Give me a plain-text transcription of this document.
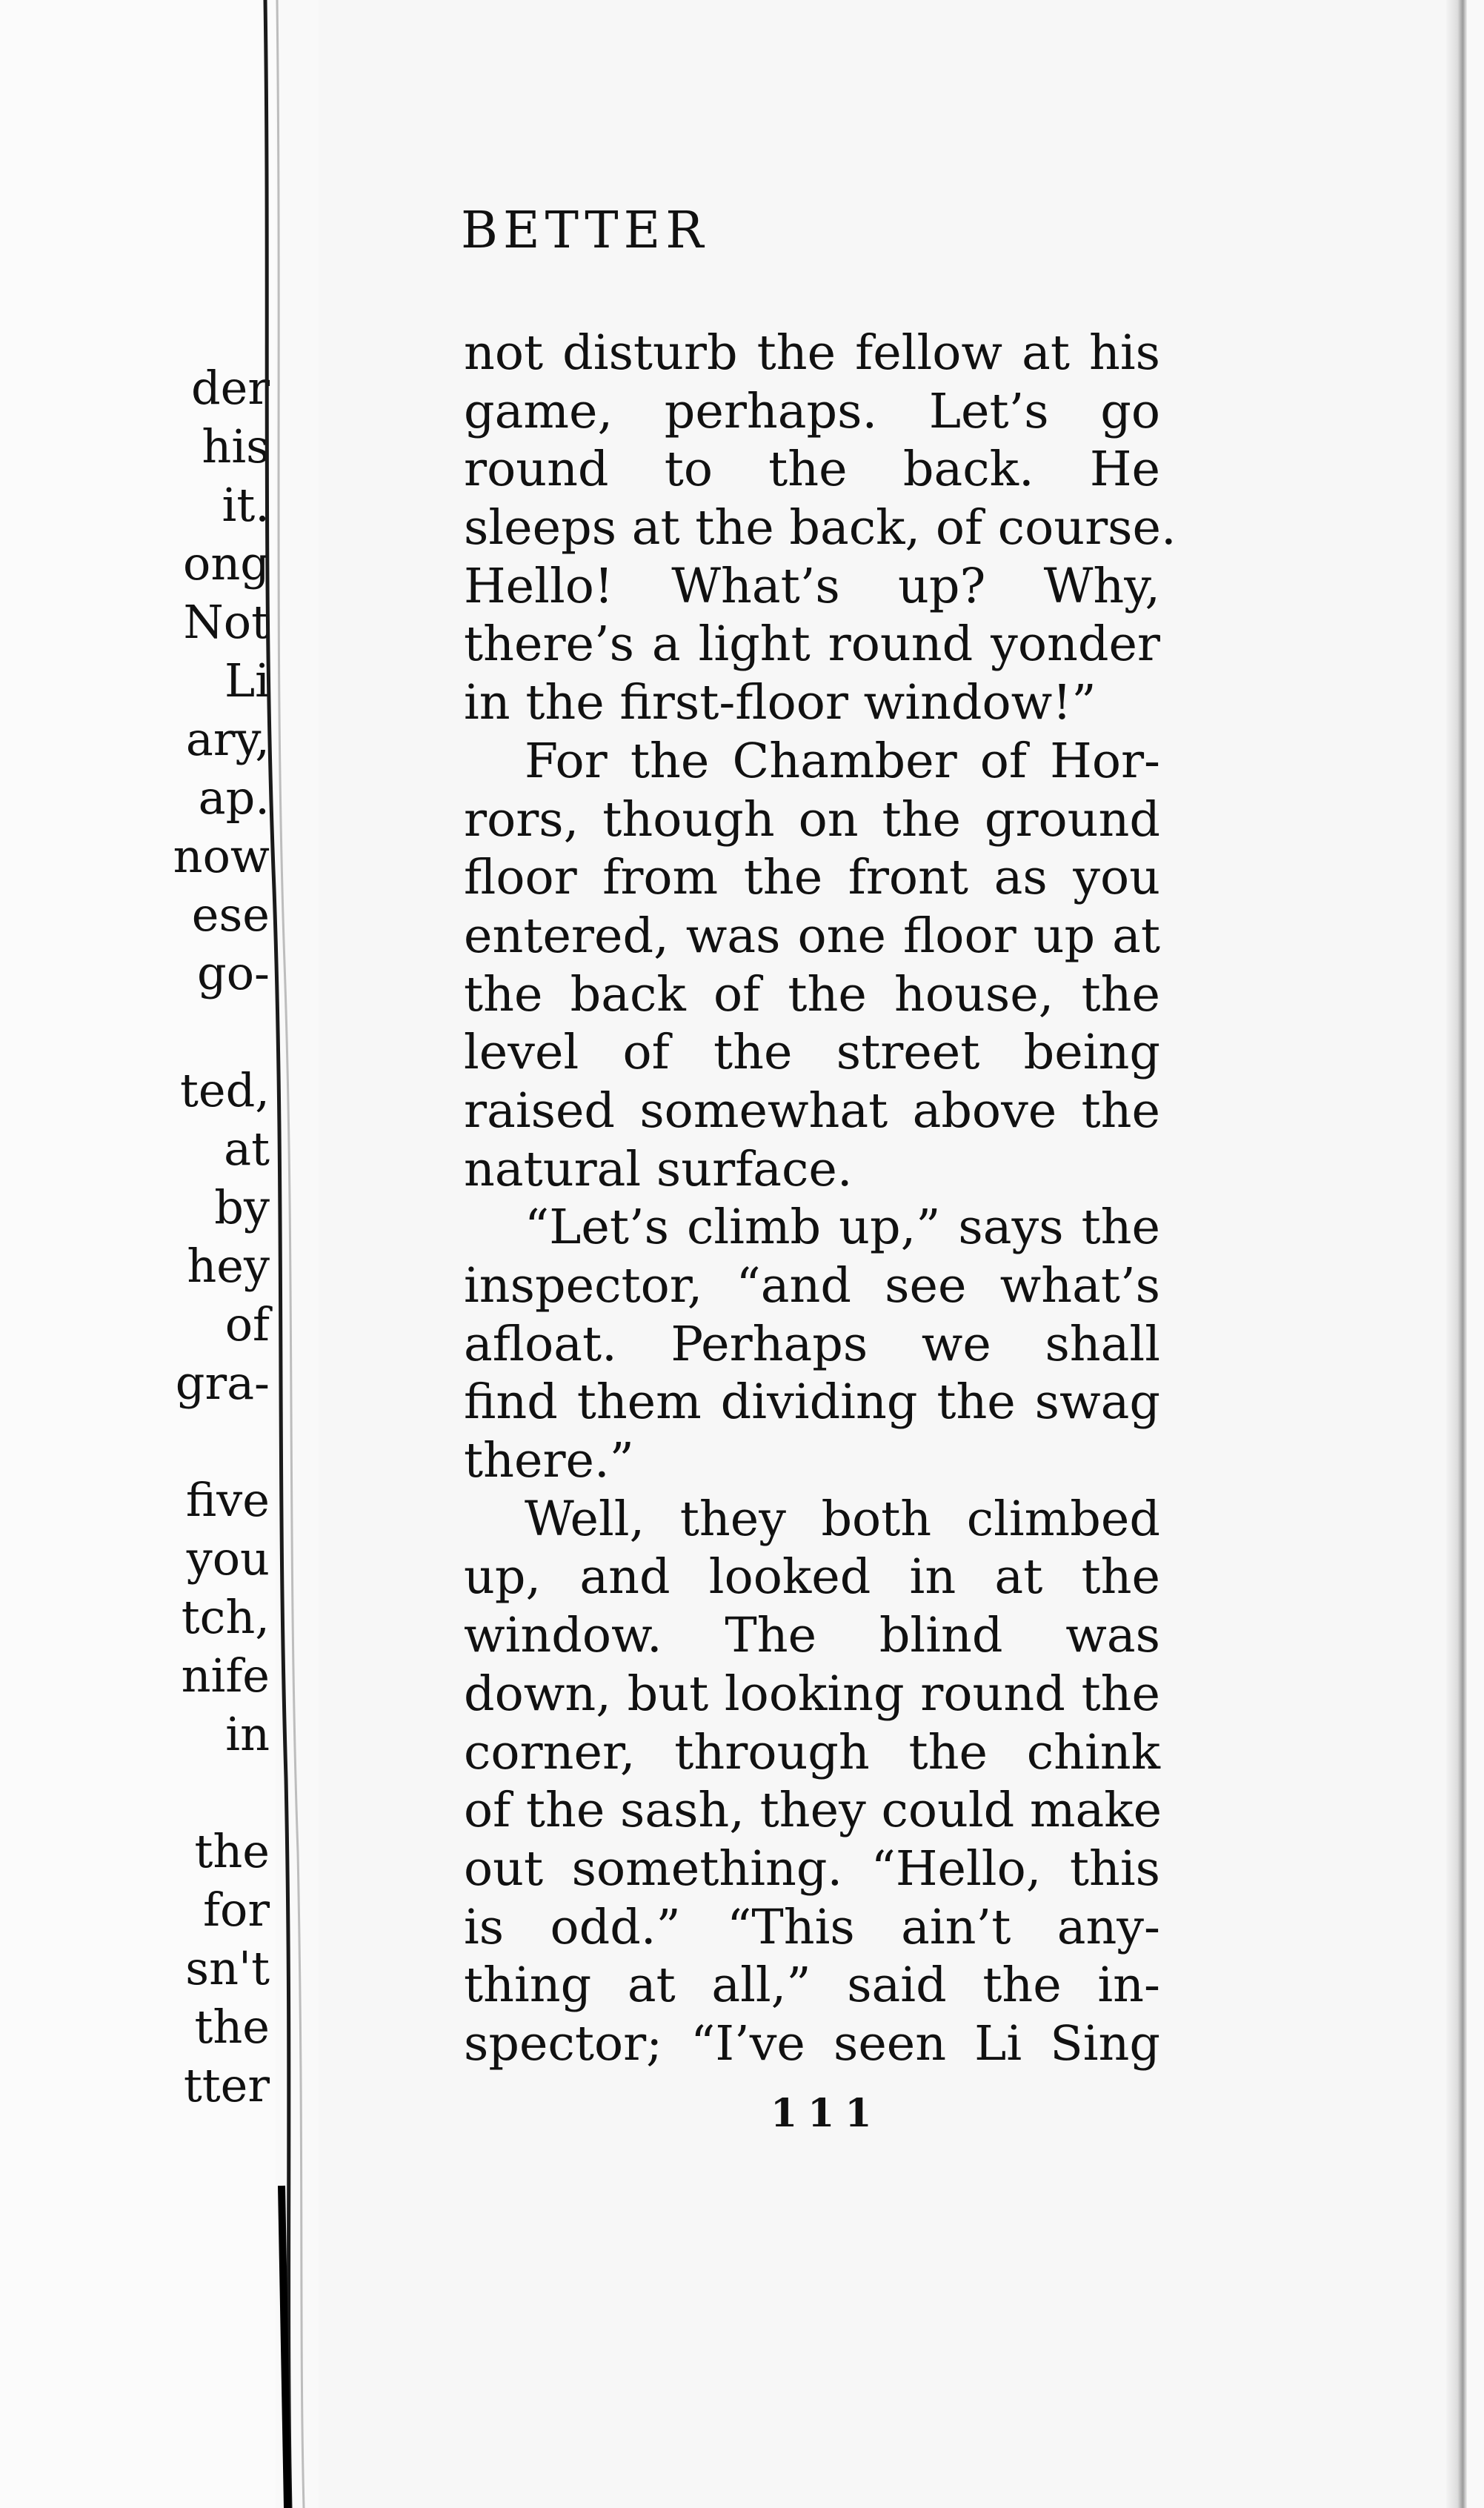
der
his
it.
ong
Not
Li
ary,
ap.
now
ese
go-

ted,
at
by
hey
of
gra-

five
you
tch,
nife
in

the
for
sn't
the
tter
BETTER
not disturb the fellow at his
game, perhaps. Let’s go
round to the back. He
sleeps at the back, of course.
Hello! What’s up? Why,
there’s a light round yonder
in the first-floor window!”
For the Chamber of Hor-
rors, though on the ground
floor from the front as you
entered, was one floor up at
the back of the house, the
level of the street being
raised somewhat above the
natural surface.
“Let’s climb up,” says the
inspector, “and see what’s
afloat. Perhaps we shall
find them dividing the swag
there.”
Well, they both climbed
up, and looked in at the
window. The blind was
down, but looking round the
corner, through the chink
of the sash, they could make
out something. “Hello, this
is odd.” “This ain’t any-
thing at all,” said the in-
spector; “I’ve seen Li Sing
111
